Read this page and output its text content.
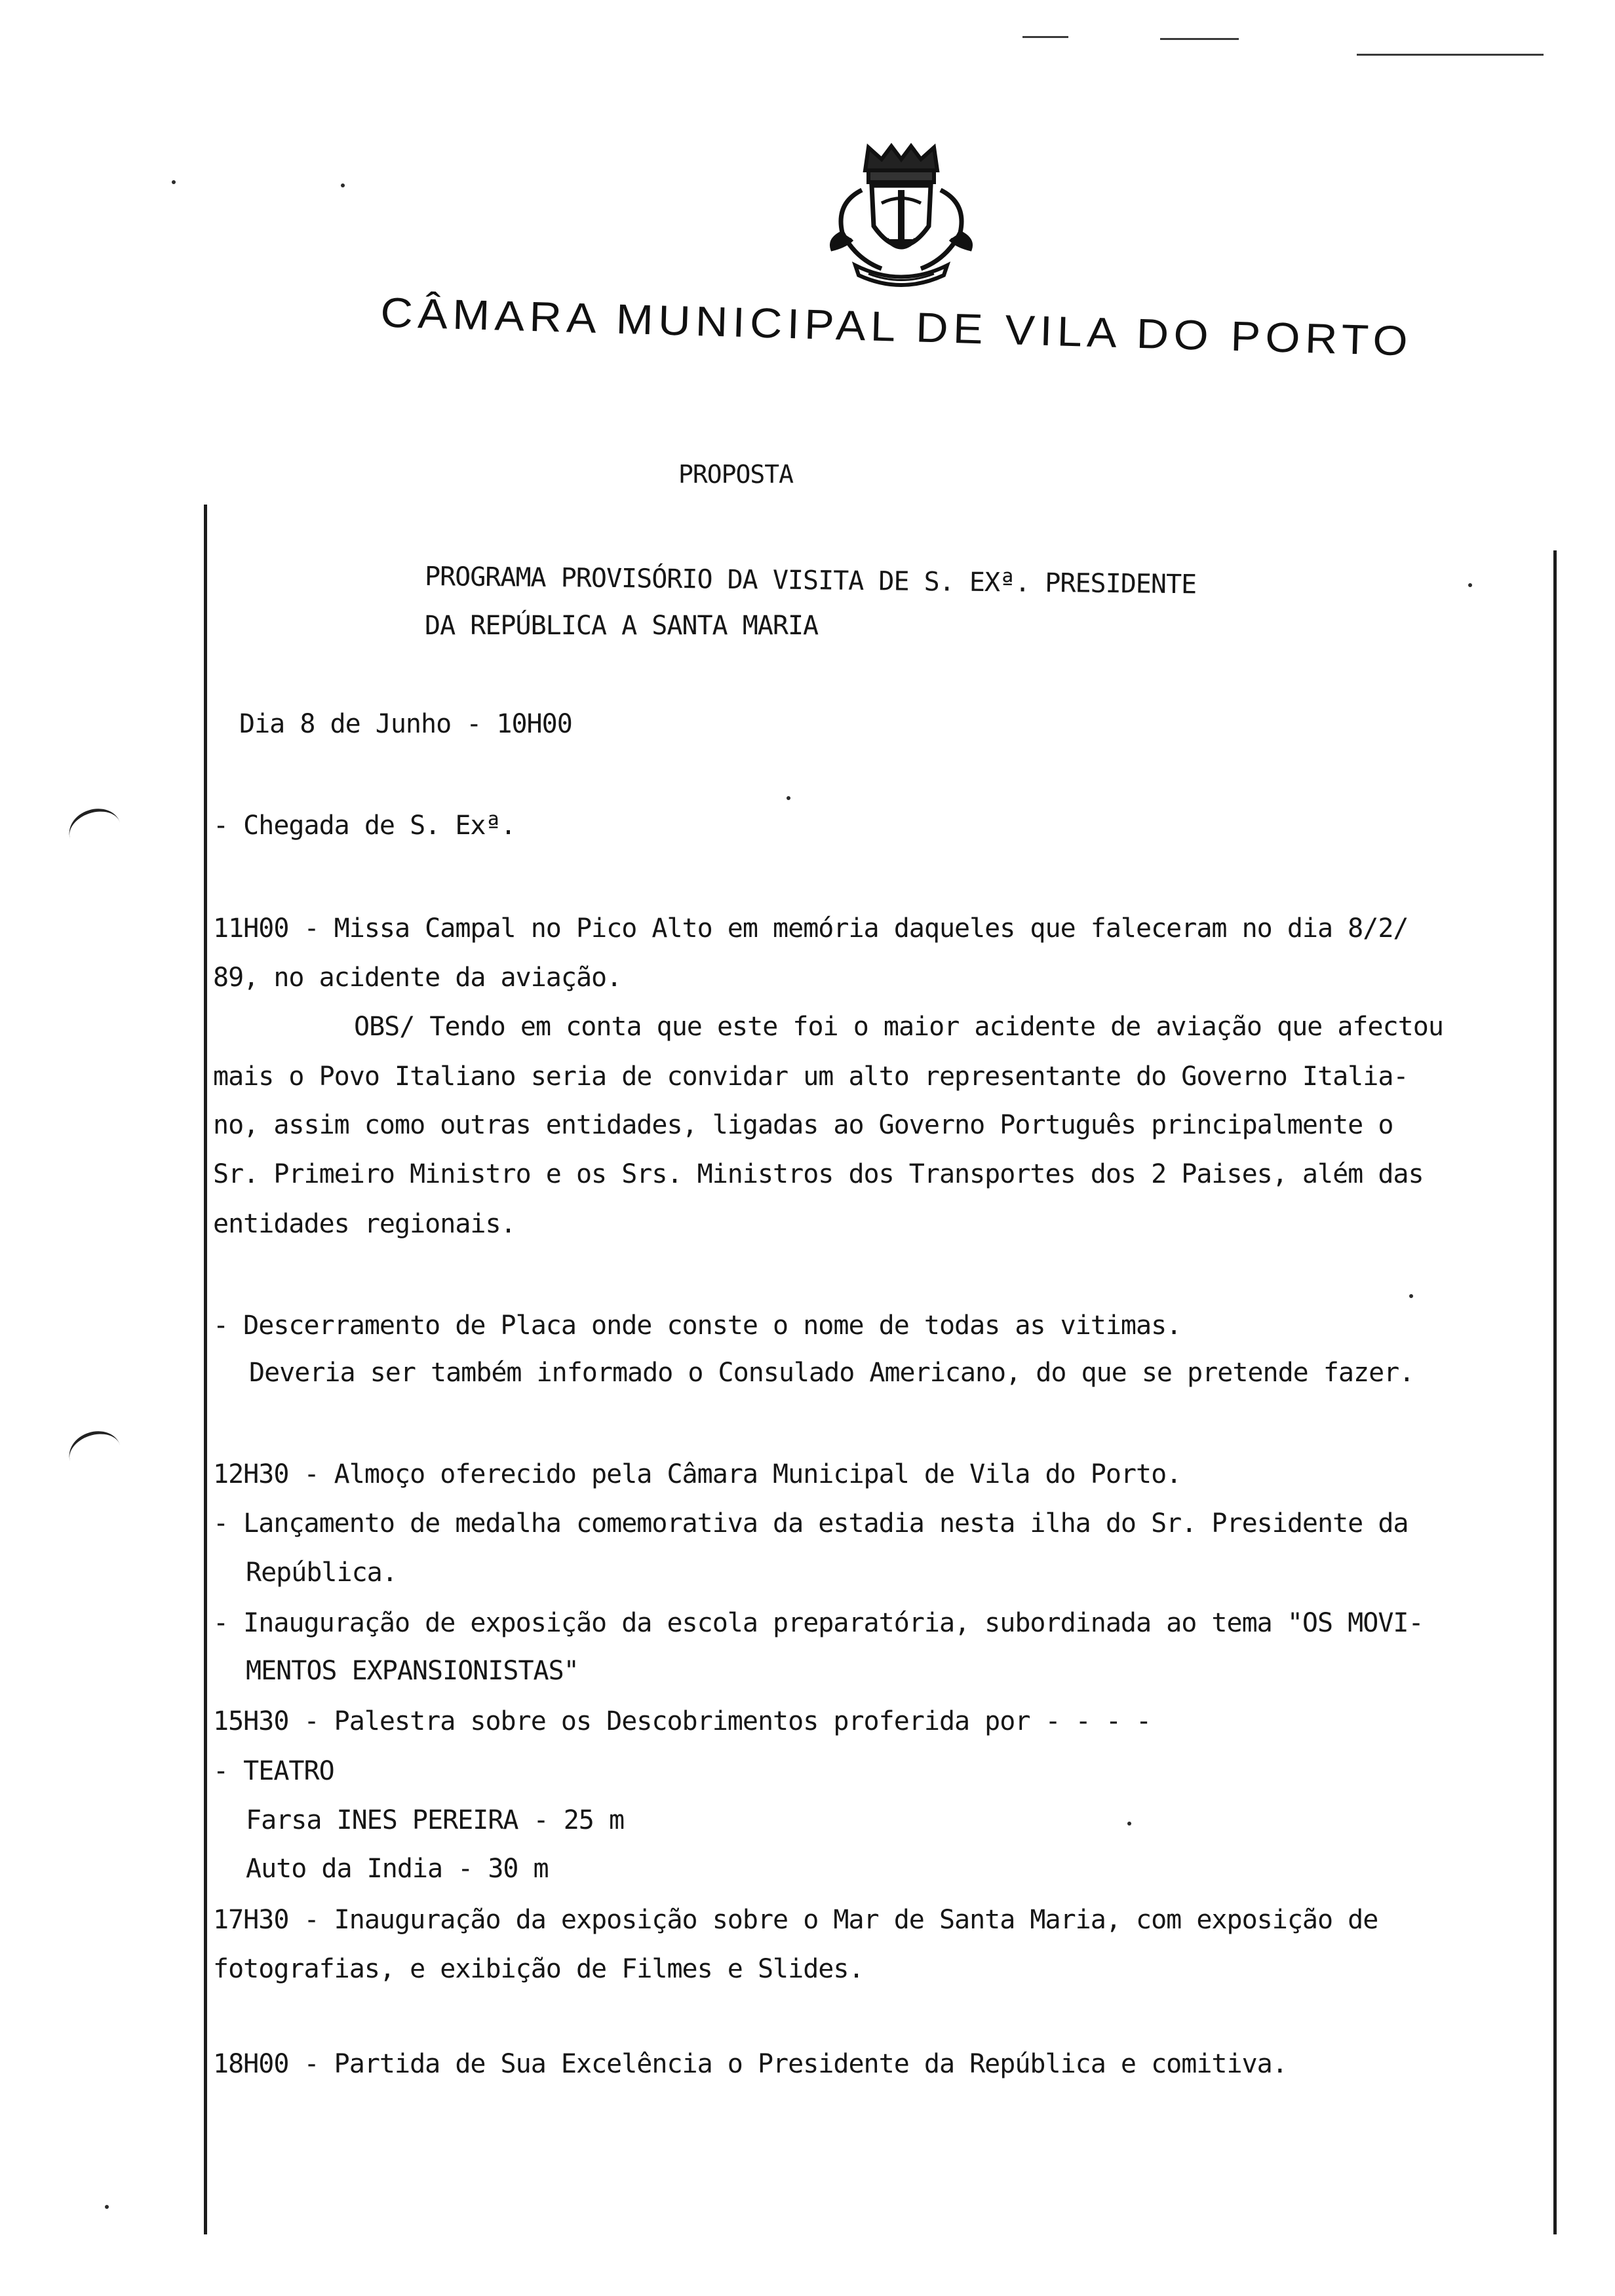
CÂMARA MUNICIPAL DE VILA DO PORTO
PROPOSTA
PROGRAMA PROVISÓRIO DA VISITA DE S. EXª. PRESIDENTE
DA REPÚBLICA A SANTA MARIA
Dia 8 de Junho - 10H00
- Chegada de S. Exª.
11H00 - Missa Campal no Pico Alto em memória daqueles que faleceram no dia 8/2/
89, no acidente da aviação.
OBS/ Tendo em conta que este foi o maior acidente de aviação que afectou
mais o Povo Italiano seria de convidar um alto representante do Governo Italia-
no, assim como outras entidades, ligadas ao Governo Português principalmente o
Sr. Primeiro Ministro e os Srs. Ministros dos Transportes dos 2 Paises, além das
entidades regionais.
- Descerramento de Placa onde conste o nome de todas as vitimas.
Deveria ser também informado o Consulado Americano, do que se pretende fazer.
12H30 - Almoço oferecido pela Câmara Municipal de Vila do Porto.
- Lançamento de medalha comemorativa da estadia nesta ilha do Sr. Presidente da
República.
- Inauguração de exposição da escola preparatória, subordinada ao tema "OS MOVI-
MENTOS EXPANSIONISTAS"
15H30 - Palestra sobre os Descobrimentos proferida por - - - -
- TEATRO
Farsa INES PEREIRA - 25 m
Auto da India - 30 m
17H30 - Inauguração da exposição sobre o Mar de Santa Maria, com exposição de
fotografias, e exibição de Filmes e Slides.
18H00 - Partida de Sua Excelência o Presidente da República e comitiva.
